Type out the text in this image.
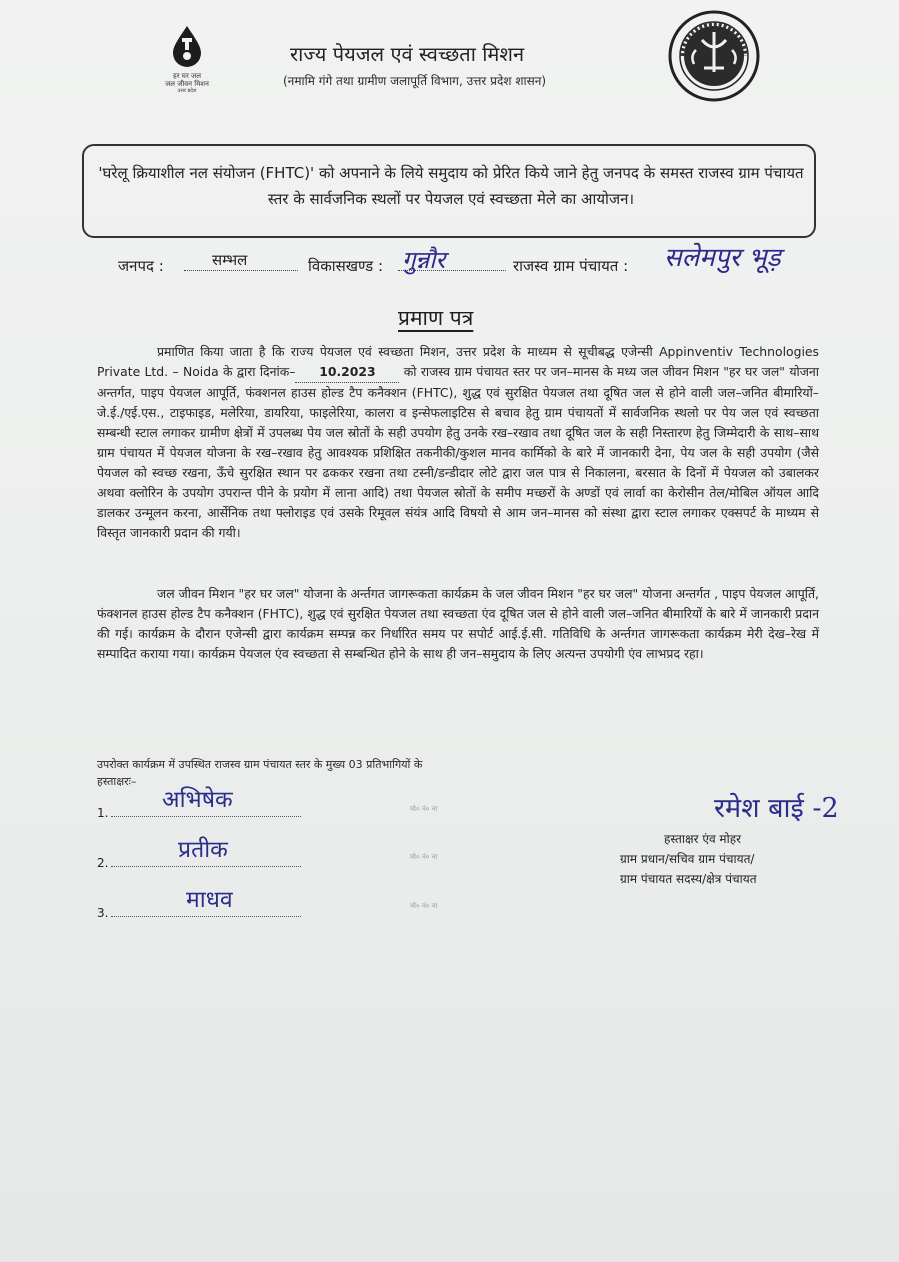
हर घर जल
जल जीवन मिशन
उत्तर प्रदेश
राज्य पेयजल एवं स्वच्छता मिशन
(नमामि गंगे तथा ग्रामीण जलापूर्ति विभाग, उत्तर प्रदेश शासन)
'घरेलू क्रियाशील नल संयोजन (FHTC)' को अपनाने के लिये समुदाय को प्रेरित किये जाने हेतु जनपद के समस्त राजस्व ग्राम पंचायत स्तर के सार्वजनिक स्थलों पर पेयजल एवं स्वच्छता मेले का आयोजन।
जनपद :	सम्भल	विकासखण्ड : गुन्नौर	राजस्व ग्राम पंचायत : सलेमपुर भूड़
प्रमाण पत्र
प्रमाणित किया जाता है कि राज्य पेयजल एवं स्वच्छता मिशन, उत्तर प्रदेश के माध्यम से सूचीबद्ध एजेन्सी Appinventiv Technologies Private Ltd. – Noida के द्वारा दिनांक– 10.2023 को राजस्व ग्राम पंचायत स्तर पर जन–मानस के मध्य जल जीवन मिशन "हर घर जल" योजना अन्तर्गत, पाइप पेयजल आपूर्ति, फंक्शनल हाउस होल्ड टैप कनैक्शन (FHTC), शुद्ध एवं सुरक्षित पेयजल तथा दूषित जल से होने वाली जल–जनित बीमारियों–जे.ई./एई.एस., टाइफाइड, मलेरिया, डायरिया, फाइलेरिया, कालरा व इन्सेफलाइटिस से बचाव हेतु ग्राम पंचायतों में सार्वजनिक स्थलो पर पेय जल एवं स्वच्छता सम्बन्धी स्टाल लगाकर ग्रामीण क्षेत्रों में उपलब्ध पेय जल स्रोतों के सही उपयोग हेतु उनके रख–रखाव तथा दूषित जल के सही निस्तारण हेतु जिम्मेदारी के साथ–साथ ग्राम पंचायत में पेयजल योजना के रख–रखाव हेतु आवश्यक प्रशिक्षित तकनीकी/कुशल मानव कार्मिको के बारे में जानकारी देना, पेय जल के सही उपयोग (जैसे पेयजल को स्वच्छ रखना, ऊँचे सुरक्षित स्थान पर ढककर रखना तथा टस्नी/डन्डीदार लोटे द्वारा जल पात्र से निकालना, बरसात के दिनों में पेयजल को उबालकर अथवा क्लोरिन के उपयोग उपरान्त पीने के प्रयोग में लाना आदि) तथा पेयजल स्रोतों के समीप मच्छरों के अण्डों एवं लार्वा का केरोसीन तेल/मोबिल ऑयल आदि डालकर उन्मूलन करना, आर्सेनिक तथा फ्लोराइड एवं उसके रिमूवल संयंत्र आदि विषयो से आम जन–मानस को संस्था द्वारा स्टाल लगाकर एक्सपर्ट के माध्यम से विस्तृत जानकारी प्रदान की गयी।
जल जीवन मिशन "हर घर जल" योजना के अर्न्तगत जागरूकता कार्यक्रम के जल जीवन मिशन "हर घर जल" योजना अन्तर्गत , पाइप पेयजल आपूर्ति, फंक्शनल हाउस होल्ड टैप कनैक्शन (FHTC), शुद्ध एवं सुरक्षित पेयजल तथा स्वच्छता एंव दूषित जल से होने वाली जल–जनित बीमारियों के बारे में जानकारी प्रदान की गई। कार्यक्रम के दौरान एजेन्सी द्वारा कार्यक्रम सम्पन्न कर निर्धारित समय पर सपोर्ट आई.ई.सी. गतिविधि के अर्न्तगत जागरूकता कार्यक्रम मेरी देख–रेख में सम्पादित कराया गया। कार्यक्रम पेयजल एंव स्वच्छता से सम्बन्धित होने के साथ ही जन–समुदाय के लिए अत्यन्त उपयोगी एंव लाभप्रद रहा।
उपरोक्त कार्यक्रम में उपस्थित राजस्व ग्राम पंचायत स्तर के मुख्य 03 प्रतिभागियों के
हस्ताक्षरः–
1.	अभिषेक	मो० नं० ना
2.	प्रतीक	मो० नं० ना
3.	माधव	मो० नं० ना
रमेश बाई -2
हस्ताक्षर एंव मोहर
ग्राम प्रधान/सचिव ग्राम पंचायत/
ग्राम पंचायत सदस्य/क्षेत्र पंचायत
